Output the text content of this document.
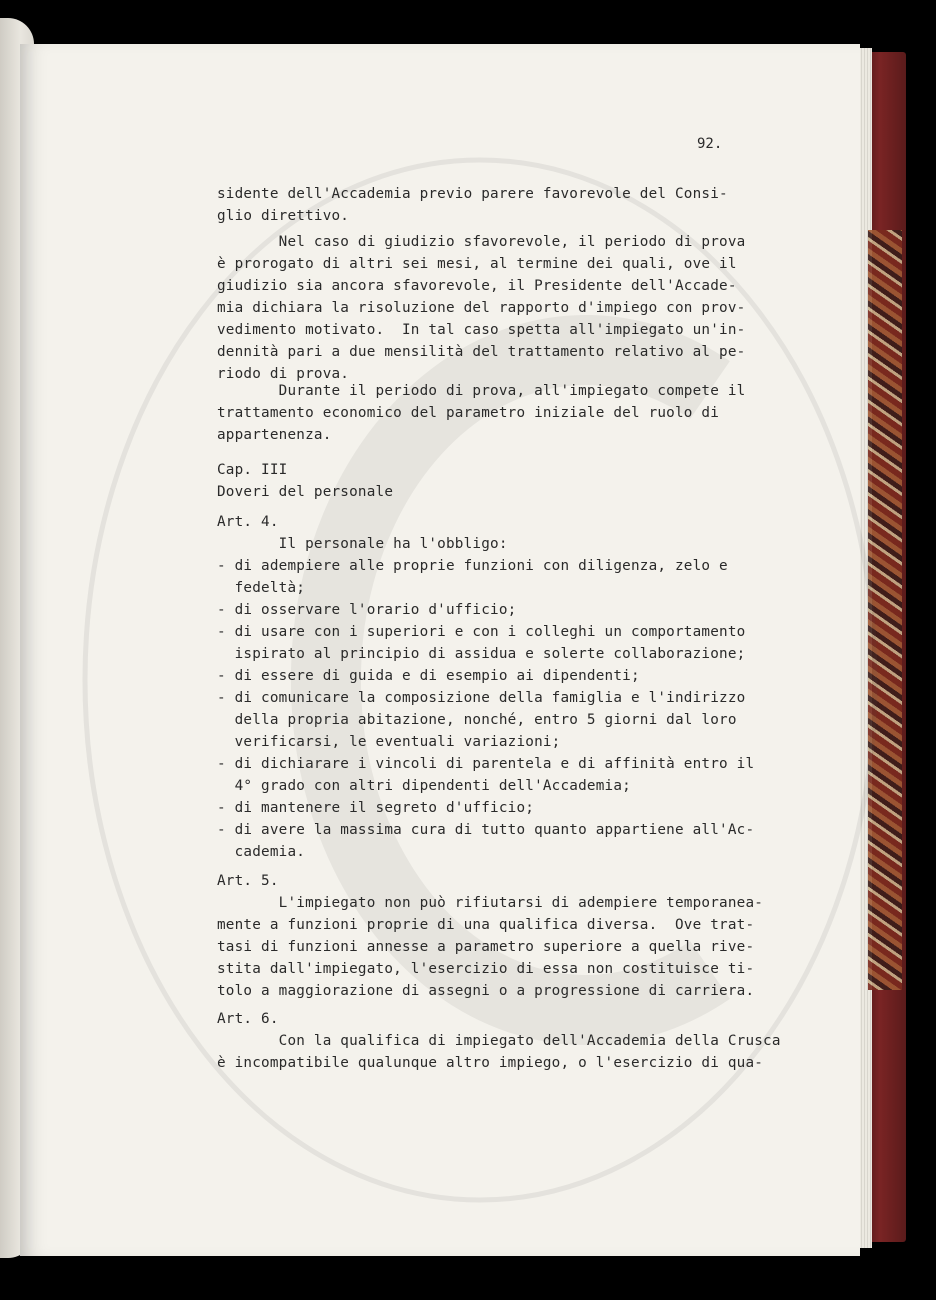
92.
sidente dell'Accademia previo parere favorevole del Consi-
glio direttivo.
Nel caso di giudizio sfavorevole, il periodo di prova
è prorogato di altri sei mesi, al termine dei quali, ove il
giudizio sia ancora sfavorevole, il Presidente dell'Accade-
mia dichiara la risoluzione del rapporto d'impiego con prov-
vedimento motivato.  In tal caso spetta all'impiegato un'in-
dennità pari a due mensilità del trattamento relativo al pe-
riodo di prova.
Durante il periodo di prova, all'impiegato compete il
trattamento economico del parametro iniziale del ruolo di
appartenenza.
Cap. III
Doveri del personale
Art. 4.
Il personale ha l'obbligo:
- di adempiere alle proprie funzioni con diligenza, zelo e
fedeltà;
- di osservare l'orario d'ufficio;
- di usare con i superiori e con i colleghi un comportamento
ispirato al principio di assidua e solerte collaborazione;
- di essere di guida e di esempio ai dipendenti;
- di comunicare la composizione della famiglia e l'indirizzo
della propria abitazione, nonché, entro 5 giorni dal loro
verificarsi, le eventuali variazioni;
- di dichiarare i vincoli di parentela e di affinità entro il
4° grado con altri dipendenti dell'Accademia;
- di mantenere il segreto d'ufficio;
- di avere la massima cura di tutto quanto appartiene all'Ac-
cademia.
Art. 5.
L'impiegato non può rifiutarsi di adempiere temporanea-
mente a funzioni proprie di una qualifica diversa.  Ove trat-
tasi di funzioni annesse a parametro superiore a quella rive-
stita dall'impiegato, l'esercizio di essa non costituisce ti-
tolo a maggiorazione di assegni o a progressione di carriera.
Art. 6.
Con la qualifica di impiegato dell'Accademia della Crusca
è incompatibile qualunque altro impiego, o l'esercizio di qua-
